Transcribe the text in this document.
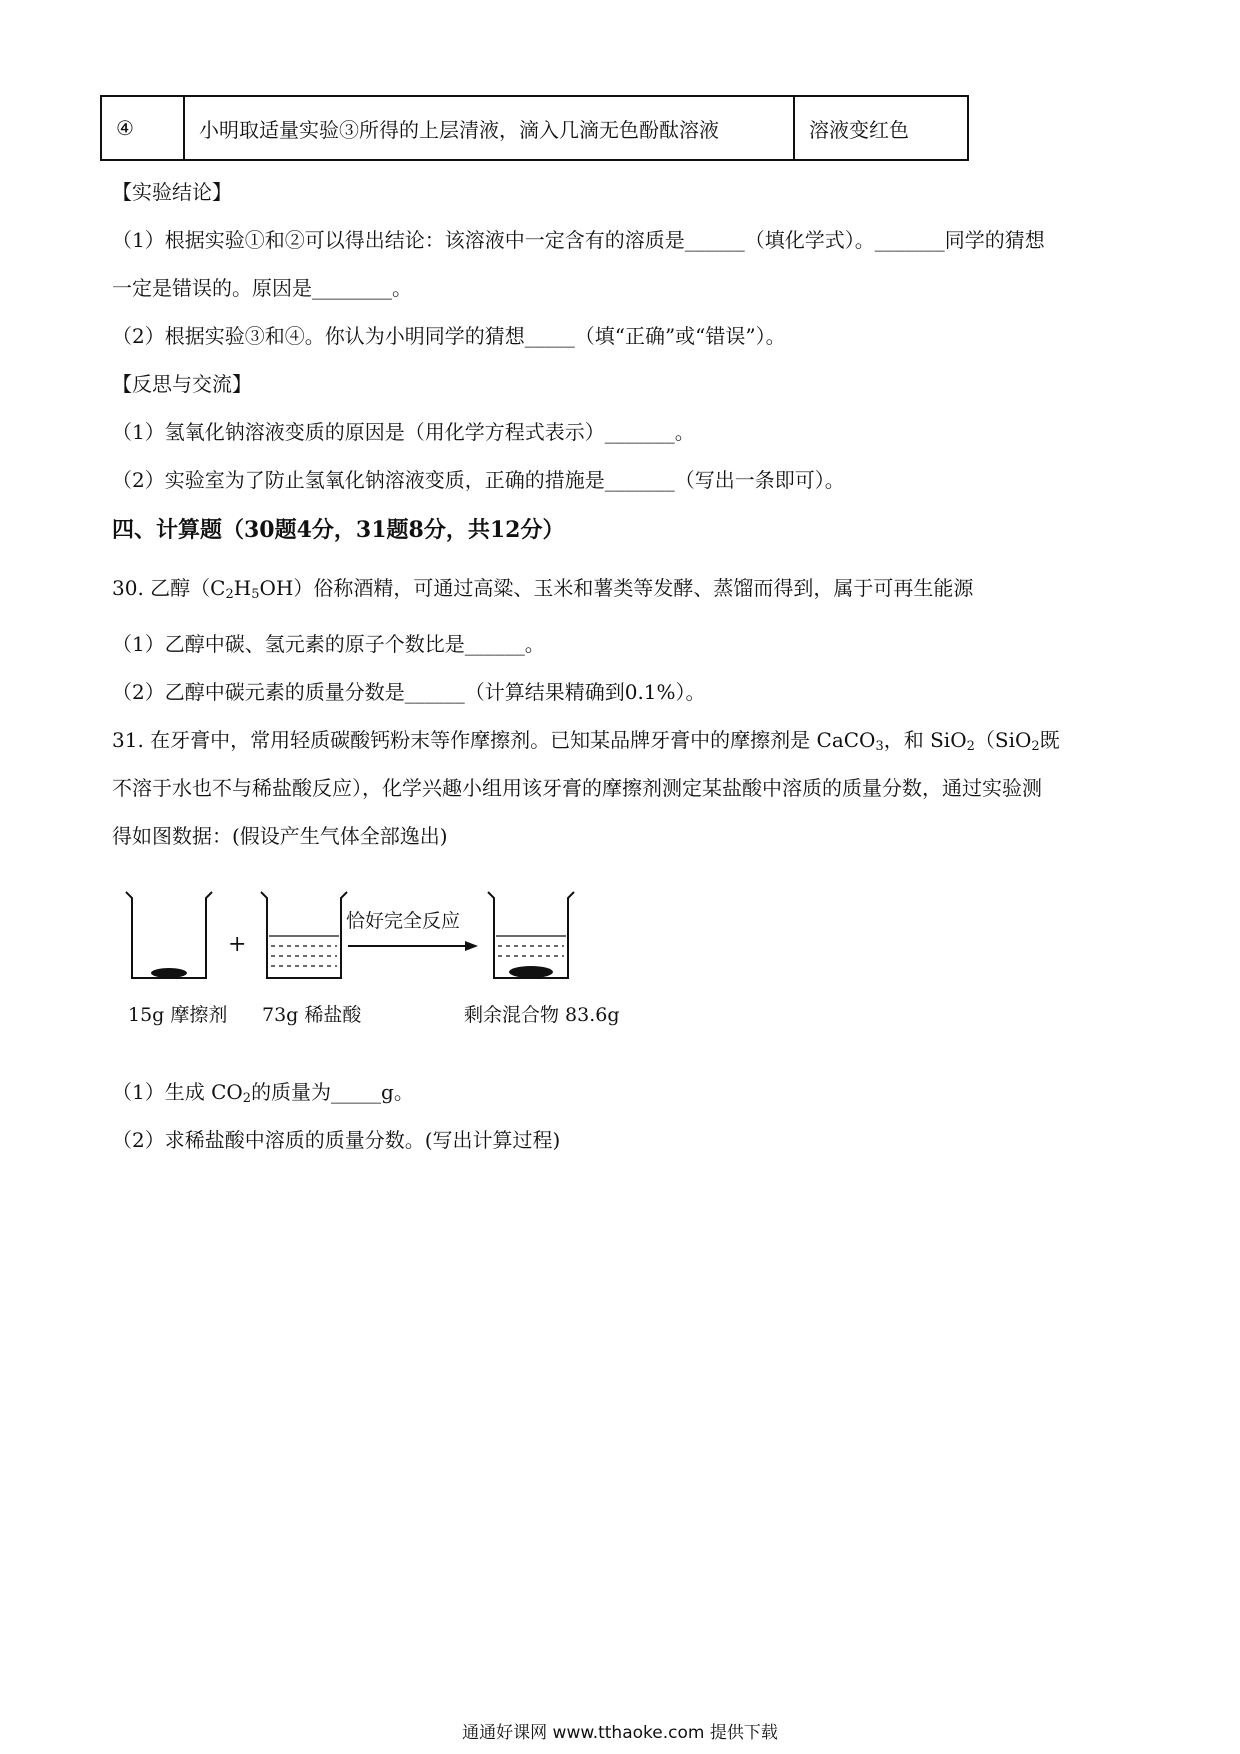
④	小明取适量实验③所得的上层清液，滴入几滴无色酚酞溶液	溶液变红色
【实验结论】
（1）根据实验①和②可以得出结论：该溶液中一定含有的溶质是______（填化学式）。_______同学的猜想
一定是错误的。原因是________。
（2）根据实验③和④。你认为小明同学的猜想_____（填“正确”或“错误”）。
【反思与交流】
（1）氢氧化钠溶液变质的原因是（用化学方程式表示）_______。
（2）实验室为了防止氢氧化钠溶液变质，正确的措施是_______（写出一条即可）。
四、计算题（30题4分，31题8分，共12分）
30. 乙醇$(C_2H_5OH)$俗称酒精，可通过高粱、玉米和薯类等发酵、蒸馏而得到，属于可再生能源
（1）乙醇中碳、氢元素的原子个数比是______。
（2）乙醇中碳元素的质量分数是______（计算结果精确到0.1%）。
31. 在牙膏中，常用轻质碳酸钙粉末等作摩擦剂。已知某品牌牙膏中的摩擦剂是 CaCO$_3$，和 SiO$_2$（SiO$_2$既
不溶于水也不与稀盐酸反应），化学兴趣小组用该牙膏的摩擦剂测定某盐酸中溶质的质量分数，通过实验测
得如图数据：(假设产生气体全部逸出)
+
恰好完全反应
15g 摩擦剂 73g 稀盐酸	剩余混合物 83.6g
（1）生成 $CO_2$的质量为_____g。
（2）求稀盐酸中溶质的质量分数。(写出计算过程)
通通好课网 www.tthaoke.com 提供下载
